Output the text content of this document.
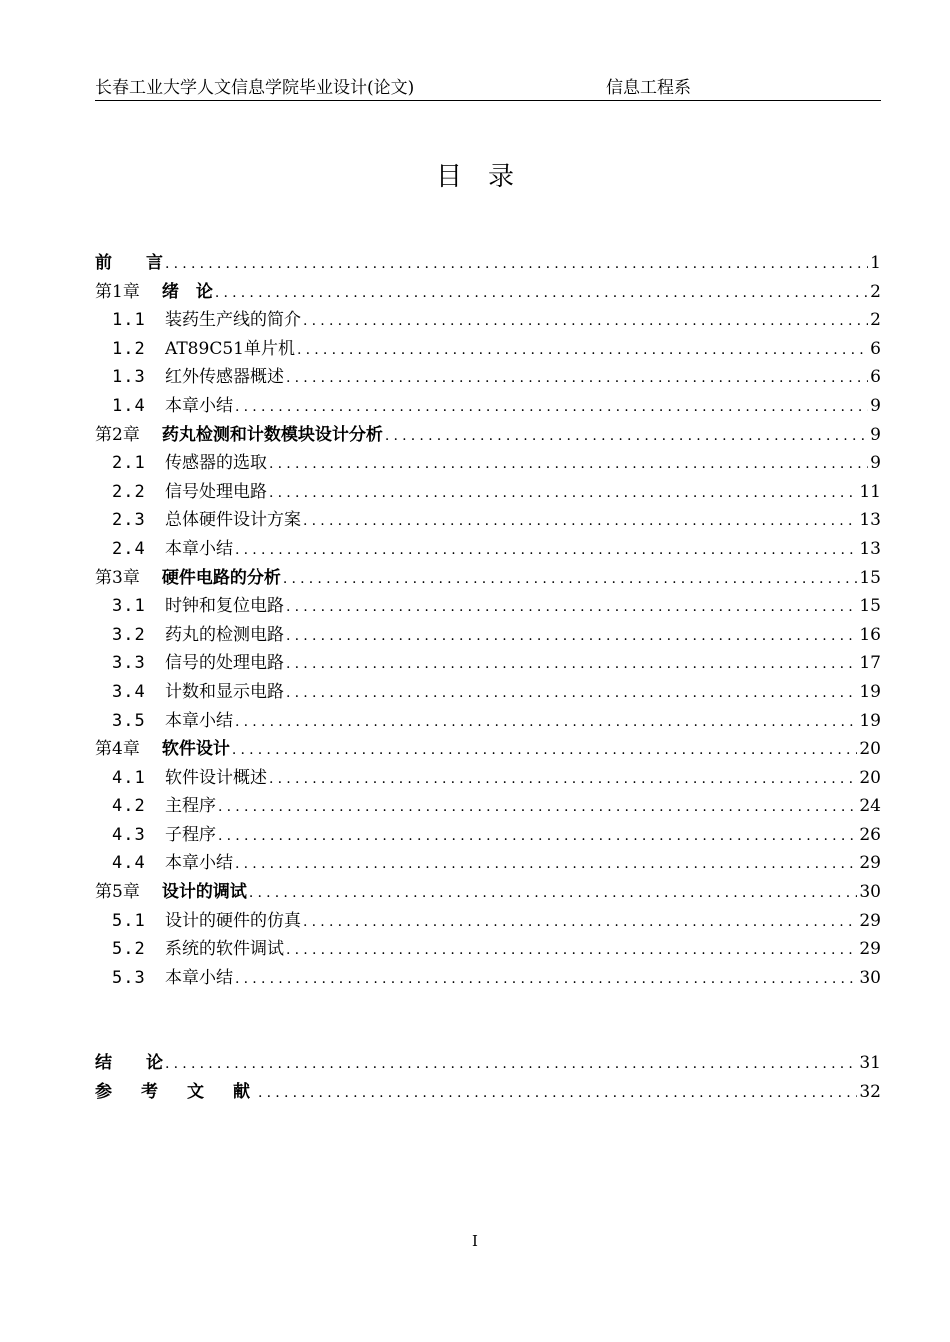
长春工业大学人文信息学院毕业设计(论文)	信息工程系
目录
前　　言 .....	1
第1章 绪　论 .....	2
1.1	装药生产线的简介 .....	2
1.2	AT89C51单片机 .....	6
1.3	红外传感器概述 .....	6
1.4	本章小结 .....	9
第2章 药丸检测和计数模块设计分析 .....	9
2.1	传感器的选取 .....	9
2.2	信号处理电路 .....	11
2.3	总体硬件设计方案 .....	13
2.4	本章小结 .....	13
第3章 硬件电路的分析 .....	15
3.1	时钟和复位电路 .....	15
3.2	药丸的检测电路 .....	16
3.3	信号的处理电路 .....	17
3.4	计数和显示电路 .....	19
3.5	本章小结 .....	19
第4章 软件设计 .....	20
4.1	软件设计概述 .....	20
4.2	主程序 .....	24
4.3	子程序 .....	26
4.4	本章小结 .....	29
第5章 设计的调试 .....	30
5.1	设计的硬件的仿真 .....	29
5.2	系统的软件调试 .....	29
5.3	本章小结 .....	30
结　　论 .....	31
参　考　文　献 .....	32
I
